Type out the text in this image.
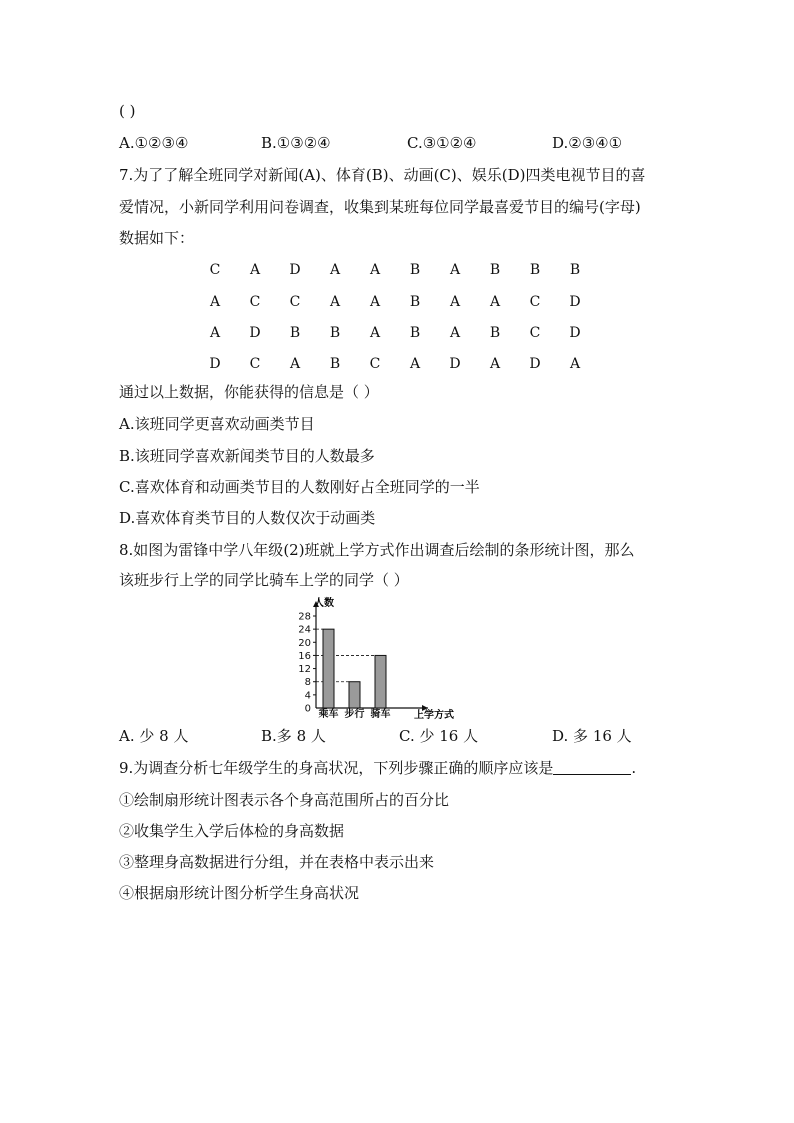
( )
A.①②③④	B.①③②④	C.③①②④	D.②③④①
7.为了了解全班同学对新闻(A)、体育(B)、动画(C)、娱乐(D)四类电视节目的喜
爱情况，小新同学利用问卷调查，收集到某班每位同学最喜爱节目的编号(字母)
数据如下：
C	A	D	A	A	B	A	B	B	B
A	C	C	A	A	B	A	A	C	D
A	D	B	B	A	B	A	B	C	D
D	C	A	B	C	A	D	A	D	A
通过以上数据，你能获得的信息是（ ）
A.该班同学更喜欢动画类节目
B.该班同学喜欢新闻类节目的人数最多
C.喜欢体育和动画类节目的人数刚好占全班同学的一半
D.喜欢体育类节目的人数仅次于动画类
8.如图为雷锋中学八年级(2)班就上学方式作出调查后绘制的条形统计图，那么
该班步行上学的同学比骑车上学的同学（ ）
0
4
8
12
16
20
24
28
乘车 步行 骑车
人数
上学方式
A. 少 8 人	B.多 8 人	C. 少 16 人	D. 多 16 人
9.为调查分析七年级学生的身高状况，下列步骤正确的顺序应该是	.
①绘制扇形统计图表示各个身高范围所占的百分比
②收集学生入学后体检的身高数据
③整理身高数据进行分组，并在表格中表示出来
④根据扇形统计图分析学生身高状况
